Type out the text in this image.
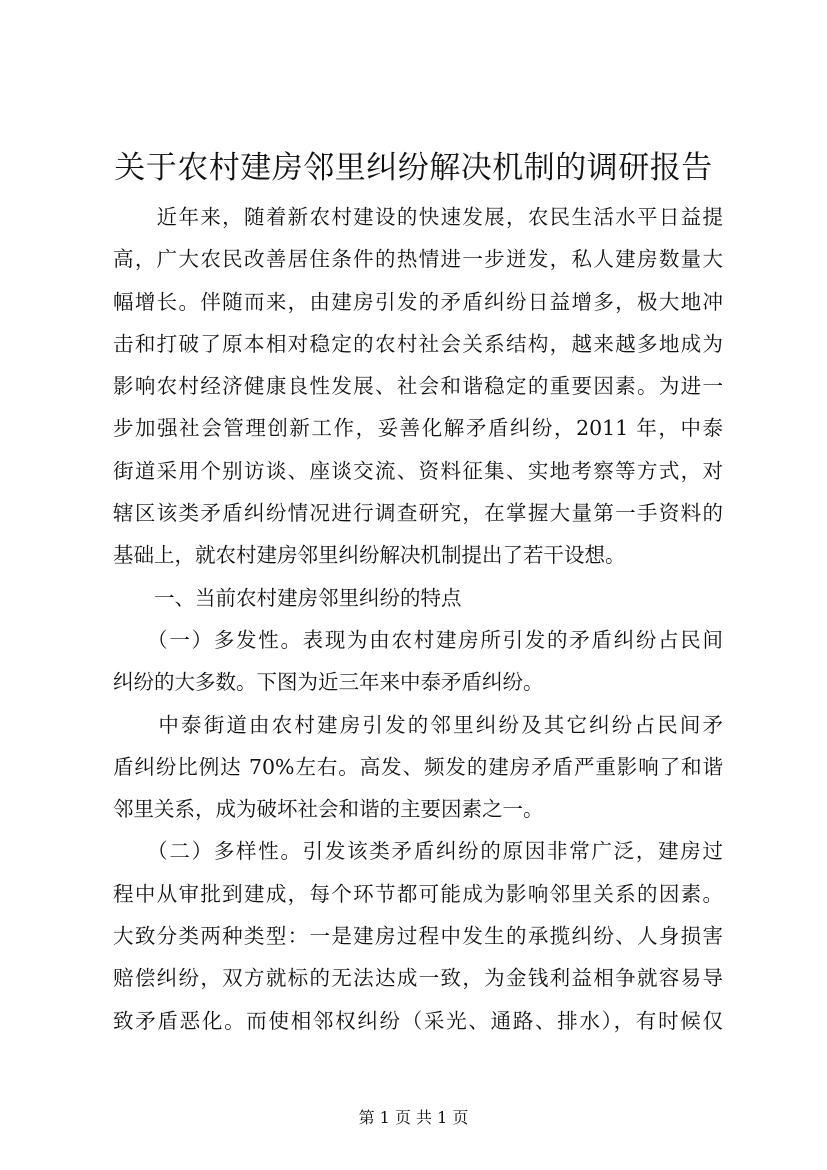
关于农村建房邻里纠纷解决机制的调研报告

　　近年来，随着新农村建设的快速发展，农民生活水平日益提

高，广大农民改善居住条件的热情进一步迸发，私人建房数量大

幅增长。伴随而来，由建房引发的矛盾纠纷日益增多，极大地冲

击和打破了原本相对稳定的农村社会关系结构，越来越多地成为

影响农村经济健康良性发展、社会和谐稳定的重要因素。为进一

步加强社会管理创新工作，妥善化解矛盾纠纷，2011 年，中泰

街道采用个别访谈、座谈交流、资料征集、实地考察等方式，对

辖区该类矛盾纠纷情况进行调查研究，在掌握大量第一手资料的

基础上，就农村建房邻里纠纷解决机制提出了若干设想。

　　一、当前农村建房邻里纠纷的特点

　　（一）多发性。表现为由农村建房所引发的矛盾纠纷占民间

纠纷的大多数。下图为近三年来中泰矛盾纠纷。

　　中泰街道由农村建房引发的邻里纠纷及其它纠纷占民间矛

盾纠纷比例达 70%左右。高发、频发的建房矛盾严重影响了和谐

邻里关系，成为破坏社会和谐的主要因素之一。

　　（二）多样性。引发该类矛盾纠纷的原因非常广泛，建房过

程中从审批到建成，每个环节都可能成为影响邻里关系的因素。

大致分类两种类型：一是建房过程中发生的承揽纠纷、人身损害

赔偿纠纷，双方就标的无法达成一致，为金钱利益相争就容易导

致矛盾恶化。而使相邻权纠纷（采光、通路、排水），有时候仅

第 1 页 共 1 页
